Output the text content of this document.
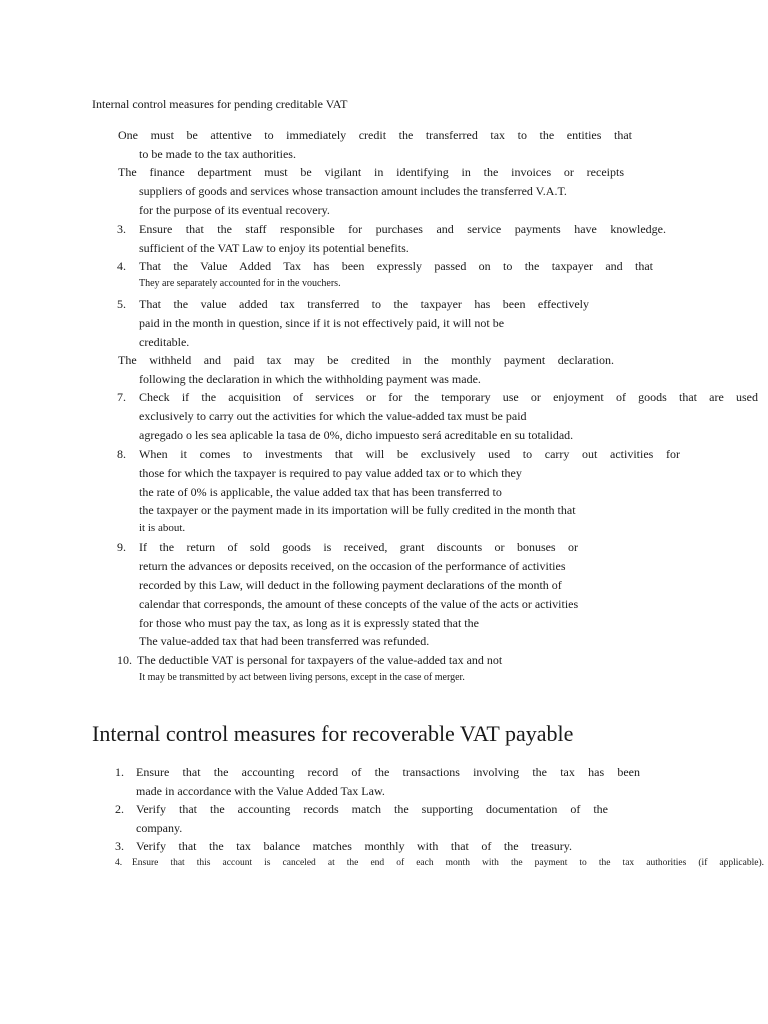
Internal control measures for pending creditable VAT
One must be attentive to immediately credit the transferred tax to the entities that
to be made to the tax authorities.
The finance department must be vigilant in identifying in the invoices or receipts
suppliers of goods and services whose transaction amount includes the transferred V.A.T.
for the purpose of its eventual recovery.
3. Ensure that the staff responsible for purchases and service payments have knowledge.
sufficient of the VAT Law to enjoy its potential benefits.
4. That the Value Added Tax has been expressly passed on to the taxpayer and that
They are separately accounted for in the vouchers.
5. That the value added tax transferred to the taxpayer has been effectively
paid in the month in question, since if it is not effectively paid, it will not be
creditable.
The withheld and paid tax may be credited in the monthly payment declaration.
following the declaration in which the withholding payment was made.
7. Check if the acquisition of services or for the temporary use or enjoyment of goods that are used
exclusively to carry out the activities for which the value-added tax must be paid
agregado o les sea aplicable la tasa de 0%, dicho impuesto será acreditable en su totalidad.
8. When it comes to investments that will be exclusively used to carry out activities for
those for which the taxpayer is required to pay value added tax or to which they
the rate of 0% is applicable, the value added tax that has been transferred to
the taxpayer or the payment made in its importation will be fully credited in the month that
it is about.
9. If the return of sold goods is received, grant discounts or bonuses or
return the advances or deposits received, on the occasion of the performance of activities
recorded by this Law, will deduct in the following payment declarations of the month of
calendar that corresponds, the amount of these concepts of the value of the acts or activities
for those who must pay the tax, as long as it is expressly stated that the
The value-added tax that had been transferred was refunded.
10. The deductible VAT is personal for taxpayers of the value-added tax and not
It may be transmitted by act between living persons, except in the case of merger.
Internal control measures for recoverable VAT payable
1. Ensure that the accounting record of the transactions involving the tax has been
made in accordance with the Value Added Tax Law.
2. Verify that the accounting records match the supporting documentation of the
company.
3. Verify that the tax balance matches monthly with that of the treasury.
4. Ensure that this account is canceled at the end of each month with the payment to the tax authorities (if applicable).
